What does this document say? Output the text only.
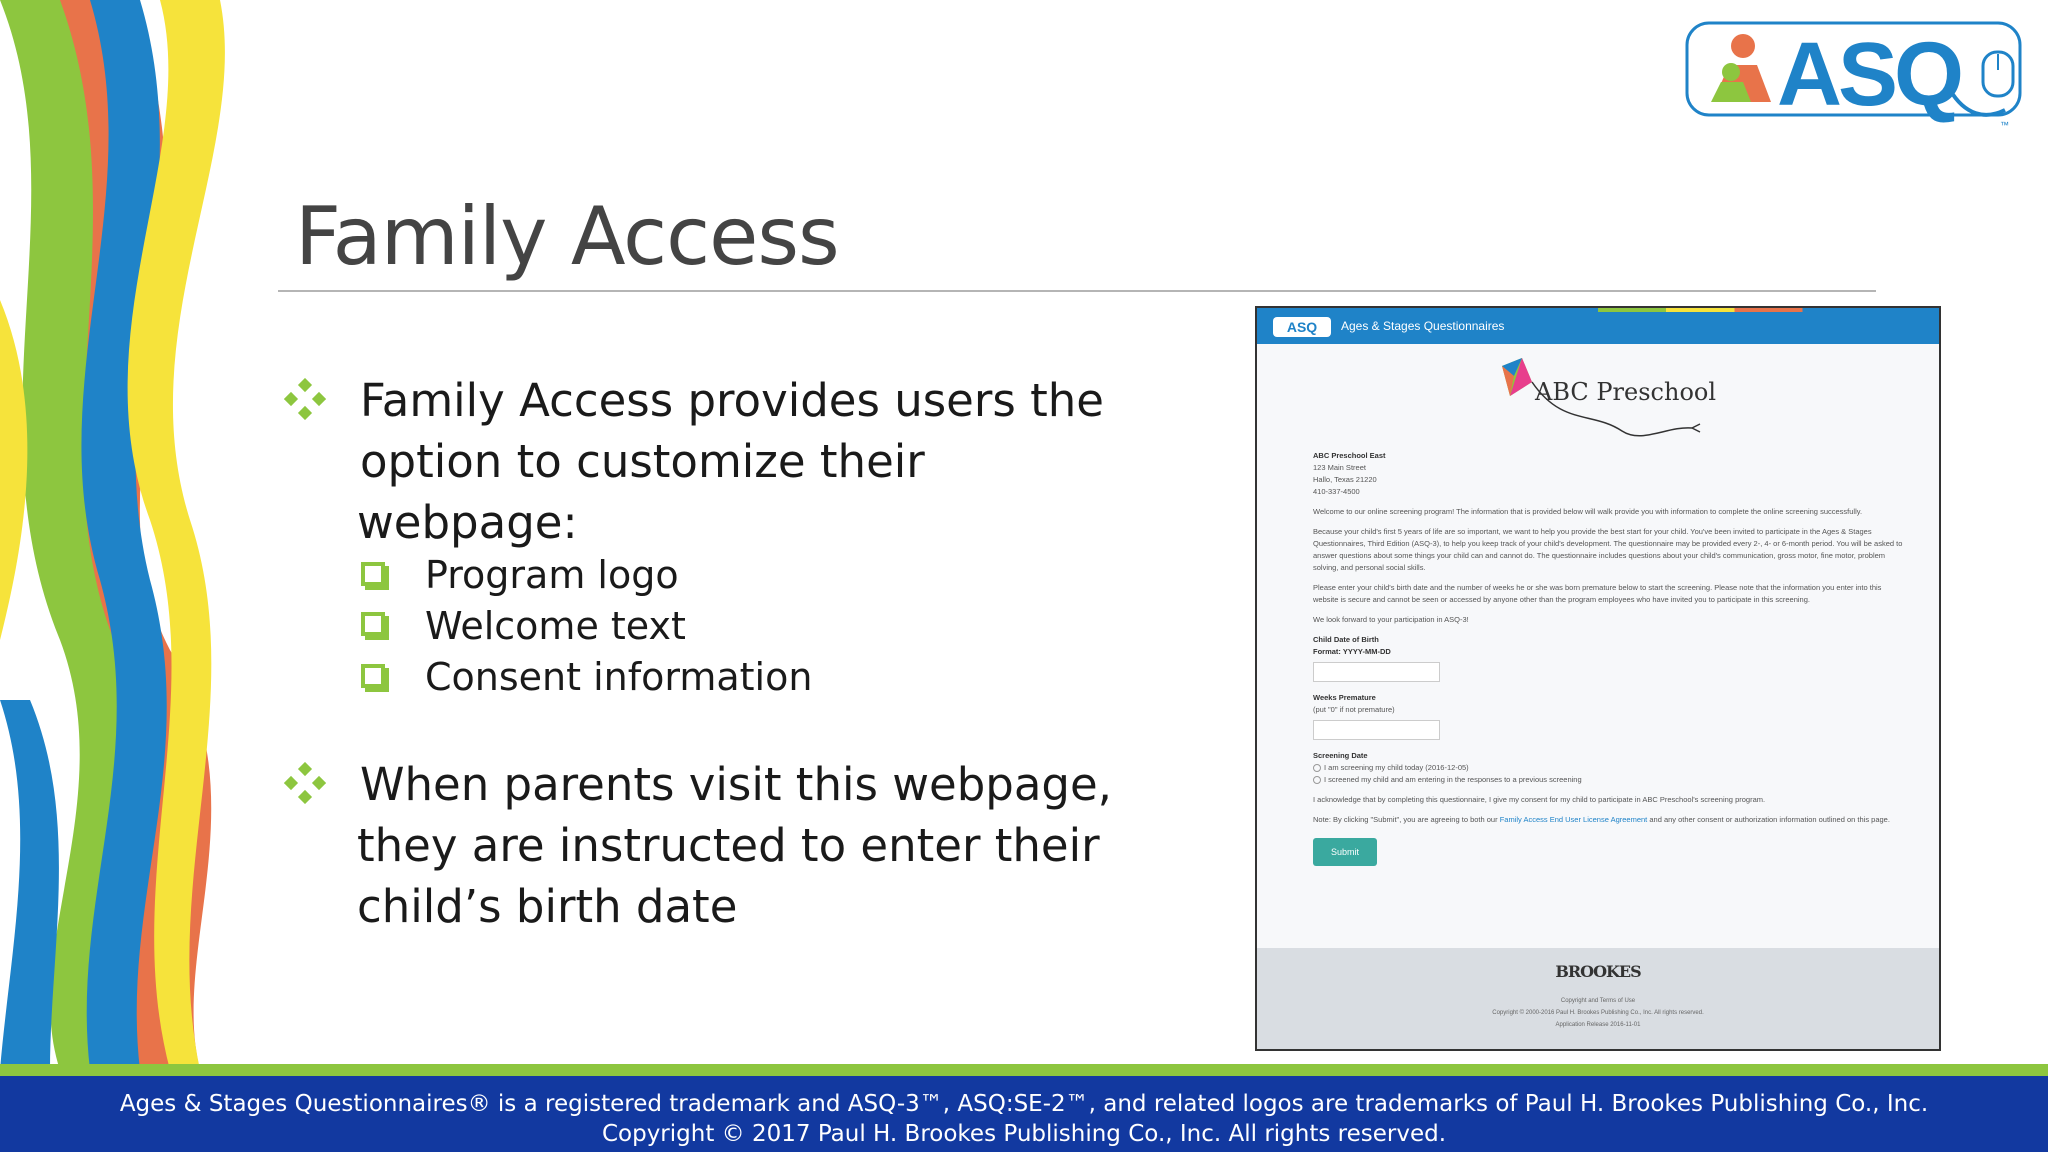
ASQ	™
Family Access
Family Access provides users the
option to customize their
webpage:
Program logo
Welcome text
Consent information
When parents visit this webpage,
they are instructed to enter their
child’s birth date
ASQ	Ages & Stages Questionnaires
ABC Preschool

ABC Preschool East
123 Main Street
Hallo, Texas 21220
410-337-4500

Welcome to our online screening program! The information that is provided below will walk provide you with information to complete the online screening successfully.

Because your child's first 5 years of life are so important, we want to help you provide the best start for your child. You've been invited to participate in the Ages & Stages Questionnaires, Third Edition (ASQ-3), to help you keep track of your child's development. The questionnaire may be provided every 2-, 4- or 6-month period. You will be asked to answer questions about some things your child can and cannot do. The questionnaire includes questions about your child's communication, gross motor, fine motor, problem solving, and personal social skills.

Please enter your child's birth date and the number of weeks he or she was born premature below to start the screening. Please note that the information you enter into this website is secure and cannot be seen or accessed by anyone other than the program employees who have invited you to participate in this screening.

We look forward to your participation in ASQ-3!

Child Date of Birth
Format: YYYY-MM-DD
Weeks Premature
(put "0" if not premature)
Screening Date
I am screening my child today (2016-12-05)
I screened my child and am entering in the responses to a previous screening

I acknowledge that by completing this questionnaire, I give my consent for my child to participate in ABC Preschool's screening program.

Note: By clicking "Submit", you are agreeing to both our Family Access End User License Agreement and any other consent or authorization information outlined on this page.

Submit
BROOKES
Copyright and Terms of Use
Copyright © 2000-2016 Paul H. Brookes Publishing Co., Inc. All rights reserved.
Application Release 2016-11-01
Ages & Stages Questionnaires® is a registered trademark and ASQ-3™, ASQ:SE-2™, and related logos are trademarks of Paul H. Brookes Publishing Co., Inc.
Copyright © 2017 Paul H. Brookes Publishing Co., Inc. All rights reserved.
